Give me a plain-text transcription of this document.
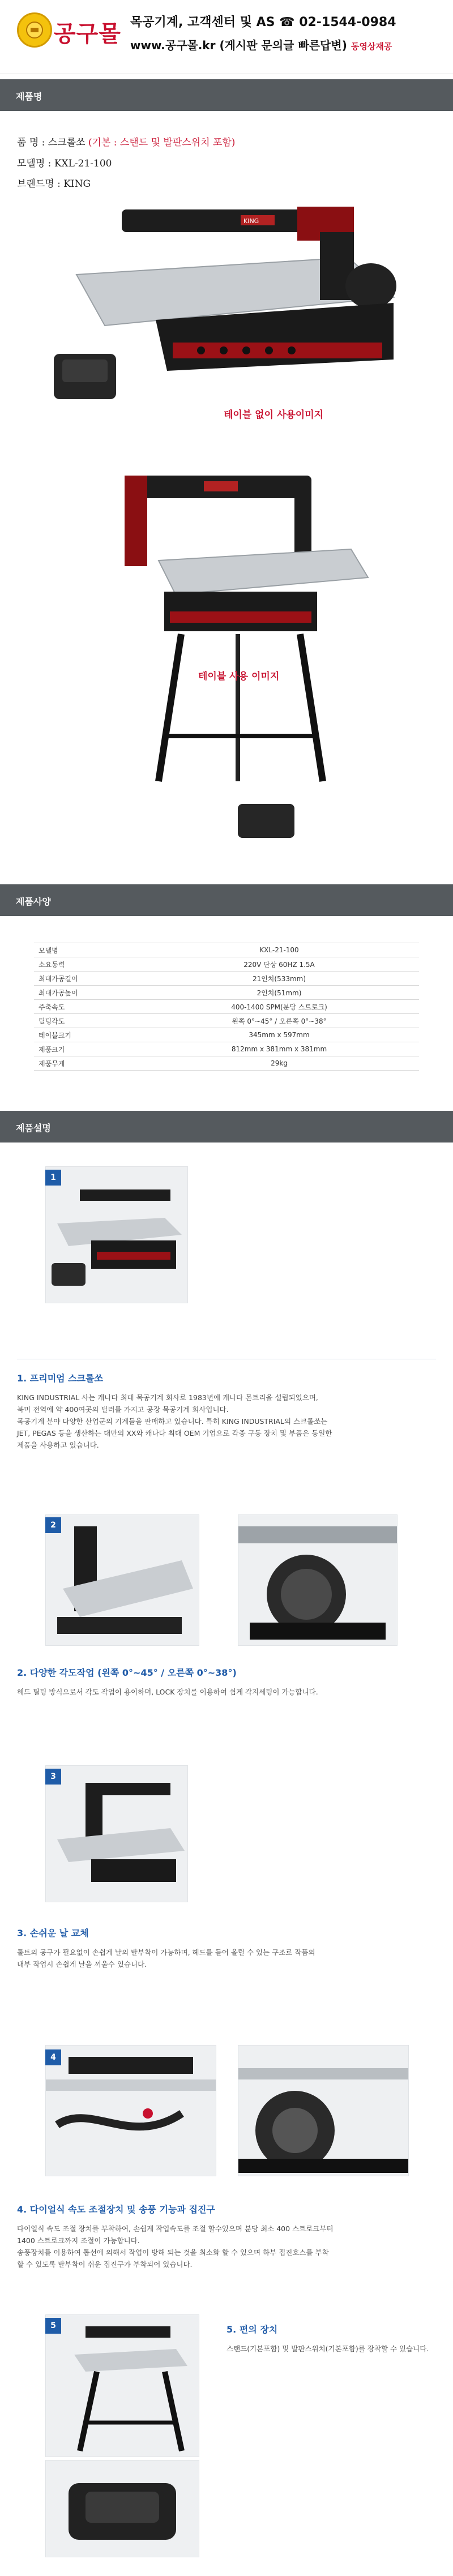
공구몰 목공기계, 고객센터 및 AS ☎ 02-1544-0984
www.공구몰.kr (게시판 문의글 빠른답변) 동영상재공
제품명
품 명 : 스크롤쏘 (기본 : 스탠드 및 발판스위치 포함)
모델명 : KXL-21-100
브랜드명 : KING
KING
테이블 없이 사용이미지
테이블 사용 이미지
제품사양
모델명	KXL-21-100
소요동력	220V 단상 60HZ 1.5A
최대가공길이	21인치(533mm)
최대가공높이	2인치(51mm)
주축속도	400-1400 SPM(분당 스트로크)
틸팅각도	왼쪽 0°~45° / 오른쪽 0°~38°
테이블크기	345mm x 597mm
제품크기	812mm x 381mm x 381mm
제품무게	29kg
제품설명
1
1. 프리미엄 스크롤쏘
KING INDUSTRIAL 사는 캐나다 최대 목공기계 회사로 1983년에 캐나다 몬트리올 설립되었으며,
북미 전역에 약 400여곳의 딜러를 가지고 공장 목공기계 회사입니다.
목공기계 분야 다양한 산업군의 기계들을 판매하고 있습니다. 특히 KING INDUSTRIAL의 스크롤쏘는
JET, PEGAS 등을 생산하는 대만의 XX와 캐나다 최대 OEM 기업으로 각종 구동 장치 및 부품은 동일한
제품을 사용하고 있습니다.
2
2. 다양한 각도작업 (왼쪽 0°~45° / 오른쪽 0°~38°)
헤드 틸팅 방식으로서 각도 작업이 용이하며, LOCK 장치를 이용하여 쉽게 각지세팅이 가능합니다.
3
3. 손쉬운 날 교체
툴트의 공구가 필요없이 손쉽게 날의 탈부착이 가능하며, 헤드를 들어 올릴 수 있는 구조로 작품의
내부 작업시 손쉽게 날을 끼울수 있습니다.
4
4. 다이얼식 속도 조절장치 및 송풍 기능과 집진구
다이얼식 속도 조절 장치를 부착하여, 손쉽게 작업속도를 조절 할수있으며 분당 최소 400 스트로크부터
1400 스트로크까지 조절이 가능합니다.
송풍장치를 이용하여 톱선에 의해서 작업이 방해 되는 것을 최소화 할 수 있으며 하부 집진호스를 부착
할 수 있도록 탈부착이 쉬운 집진구가 부착되어 있습니다.
5	5. 편의 장치
스탠드(기본포함) 및 발판스위치(기본포함)를 장착할 수 있습니다.
